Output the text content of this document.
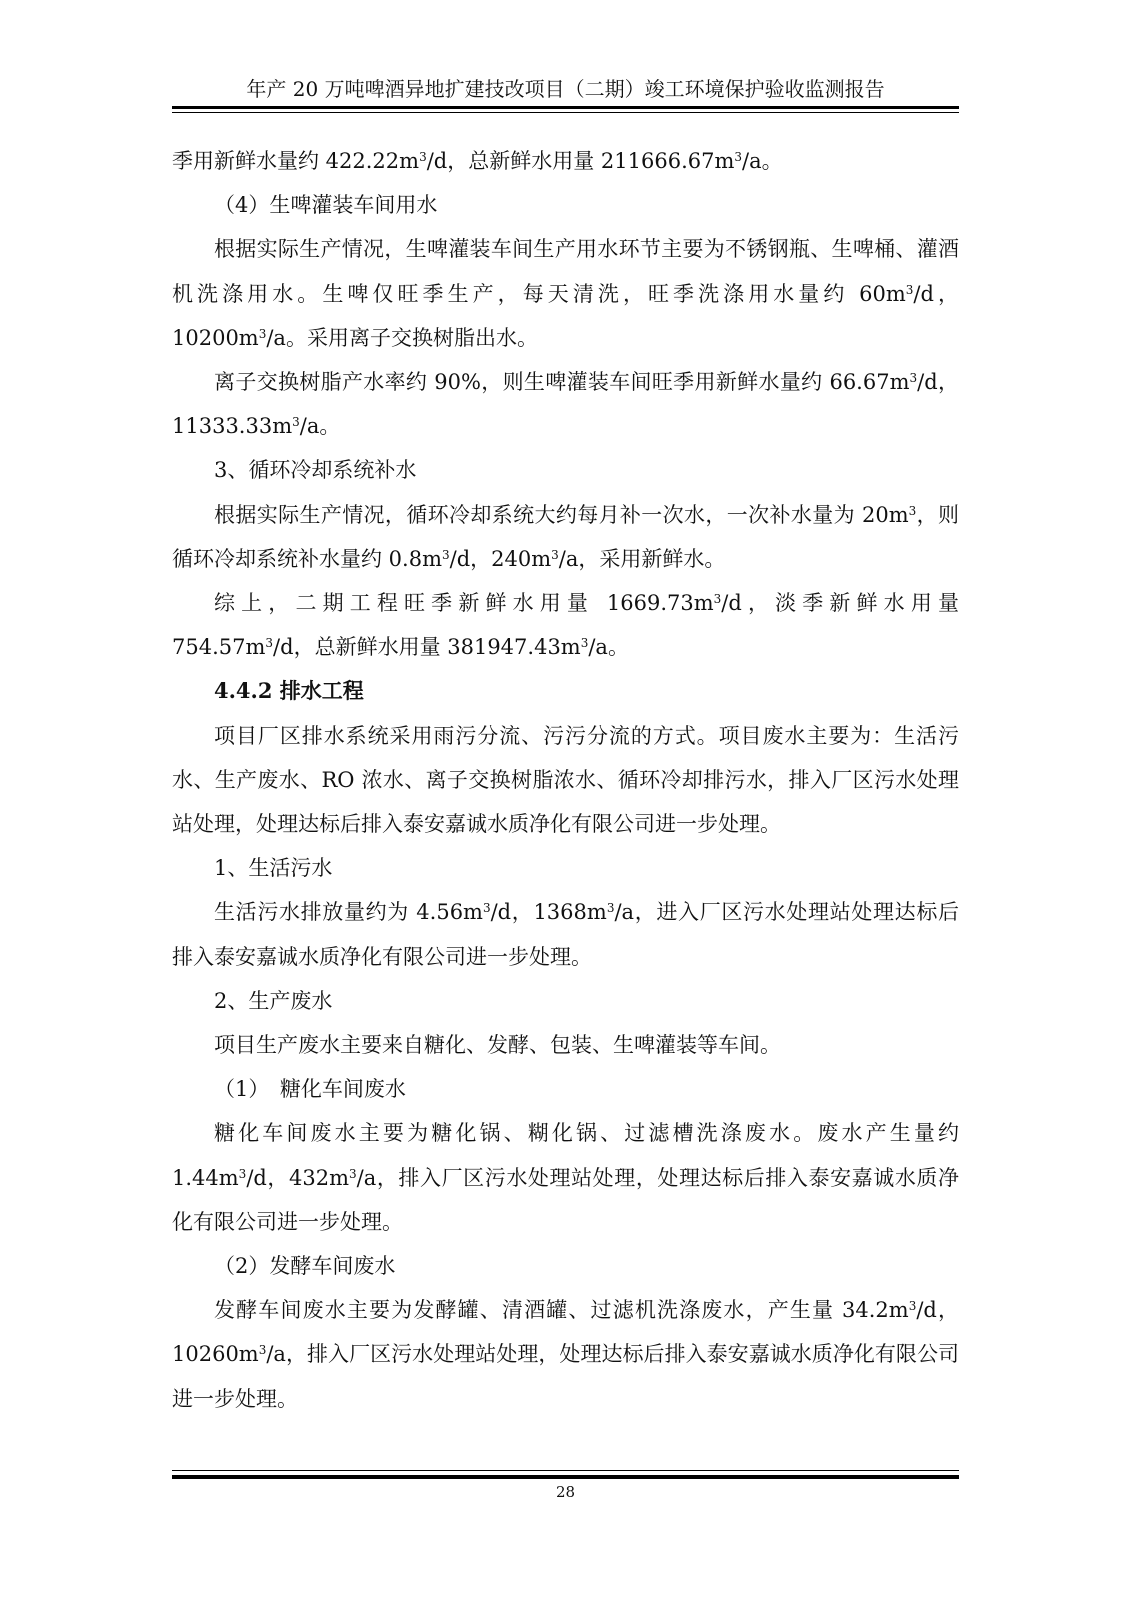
年产 20 万吨啤酒异地扩建技改项目（二期）竣工环境保护验收监测报告

季用新鲜水量约 $422.22m^3/d$，总新鲜水用量 $211666.67m^3/a$。

（4）生啤灌装车间用水

根据实际生产情况，生啤灌装车间生产用水环节主要为不锈钢瓶、生啤桶、灌酒机洗涤用水。生啤仅旺季生产，每天清洗，旺季洗涤用水量约 $60m^3/d$，$10200m^3/a$。采用离子交换树脂出水。

离子交换树脂产水率约 90%，则生啤灌装车间旺季用新鲜水量约 $66.67m^3/d$，$11333.33m^3/a$。

3、循环冷却系统补水

根据实际生产情况，循环冷却系统大约每月补一次水，一次补水量为 $20m^3$，则循环冷却系统补水量约 $0.8m^3/d$，$240m^3/a$，采用新鲜水。

综上，二期工程旺季新鲜水用量 $1669.73m^3/d$，淡季新鲜水用量 $754.57m^3/d$，总新鲜水用量 $381947.43m^3/a$。

4.4.2 排水工程

项目厂区排水系统采用雨污分流、污污分流的方式。项目废水主要为：生活污水、生产废水、RO 浓水、离子交换树脂浓水、循环冷却排污水，排入厂区污水处理站处理，处理达标后排入泰安嘉诚水质净化有限公司进一步处理。

1、生活污水

生活污水排放量约为 $4.56m^3/d$，$1368m^3/a$，进入厂区污水处理站处理达标后排入泰安嘉诚水质净化有限公司进一步处理。

2、生产废水

项目生产废水主要来自糖化、发酵、包装、生啤灌装等车间。

（1）　糖化车间废水

糖化车间废水主要为糖化锅、糊化锅、过滤槽洗涤废水。废水产生量约 $1.44m^3/d$，$432m^3/a$，排入厂区污水处理站处理，处理达标后排入泰安嘉诚水质净化有限公司进一步处理。

（2）发酵车间废水

发酵车间废水主要为发酵罐、清酒罐、过滤机洗涤废水，产生量 $34.2m^3/d$，$10260m^3/a$，排入厂区污水处理站处理，处理达标后排入泰安嘉诚水质净化有限公司进一步处理。

28
